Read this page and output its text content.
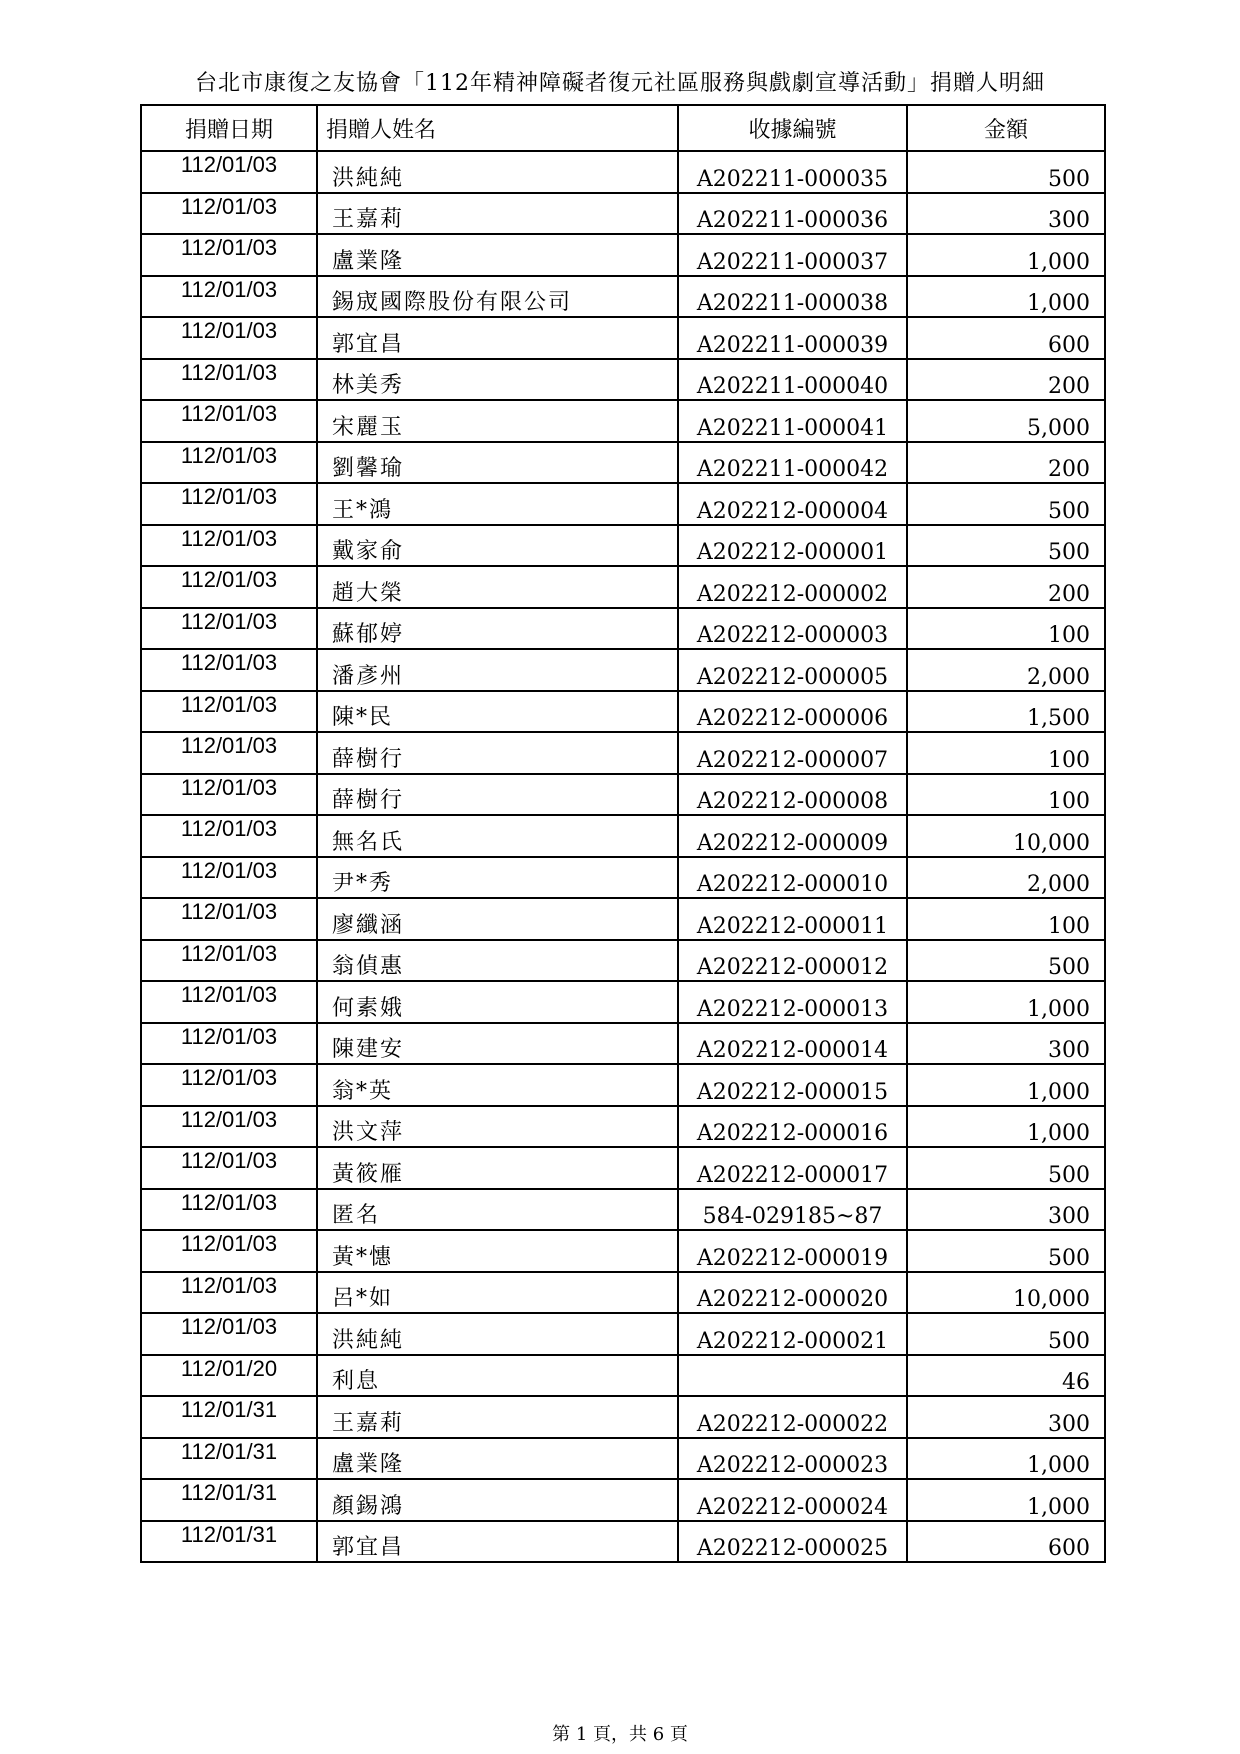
台北市康復之友協會「112年精神障礙者復元社區服務與戲劇宣導活動」捐贈人明細
捐贈日期	捐贈人姓名	收據編號	金額
112/01/03	洪純純	A202211-000035	500
112/01/03	王嘉莉	A202211-000036	300
112/01/03	盧業隆	A202211-000037	1,000
112/01/03	錫宬國際股份有限公司	A202211-000038	1,000
112/01/03	郭宜昌	A202211-000039	600
112/01/03	林美秀	A202211-000040	200
112/01/03	宋麗玉	A202211-000041	5,000
112/01/03	劉馨瑜	A202211-000042	200
112/01/03	王*鴻	A202212-000004	500
112/01/03	戴家俞	A202212-000001	500
112/01/03	趙大榮	A202212-000002	200
112/01/03	蘇郁婷	A202212-000003	100
112/01/03	潘彥州	A202212-000005	2,000
112/01/03	陳*民	A202212-000006	1,500
112/01/03	薛樹行	A202212-000007	100
112/01/03	薛樹行	A202212-000008	100
112/01/03	無名氏	A202212-000009	10,000
112/01/03	尹*秀	A202212-000010	2,000
112/01/03	廖纖涵	A202212-000011	100
112/01/03	翁偵惠	A202212-000012	500
112/01/03	何素娥	A202212-000013	1,000
112/01/03	陳建安	A202212-000014	300
112/01/03	翁*英	A202212-000015	1,000
112/01/03	洪文萍	A202212-000016	1,000
112/01/03	黃筱雁	A202212-000017	500
112/01/03	匿名	584-029185~87	300
112/01/03	黃*憓	A202212-000019	500
112/01/03	呂*如	A202212-000020	10,000
112/01/03	洪純純	A202212-000021	500
112/01/20	利息		46
112/01/31	王嘉莉	A202212-000022	300
112/01/31	盧業隆	A202212-000023	1,000
112/01/31	顏錫鴻	A202212-000024	1,000
112/01/31	郭宜昌	A202212-000025	600
第 1 頁，共 6 頁
